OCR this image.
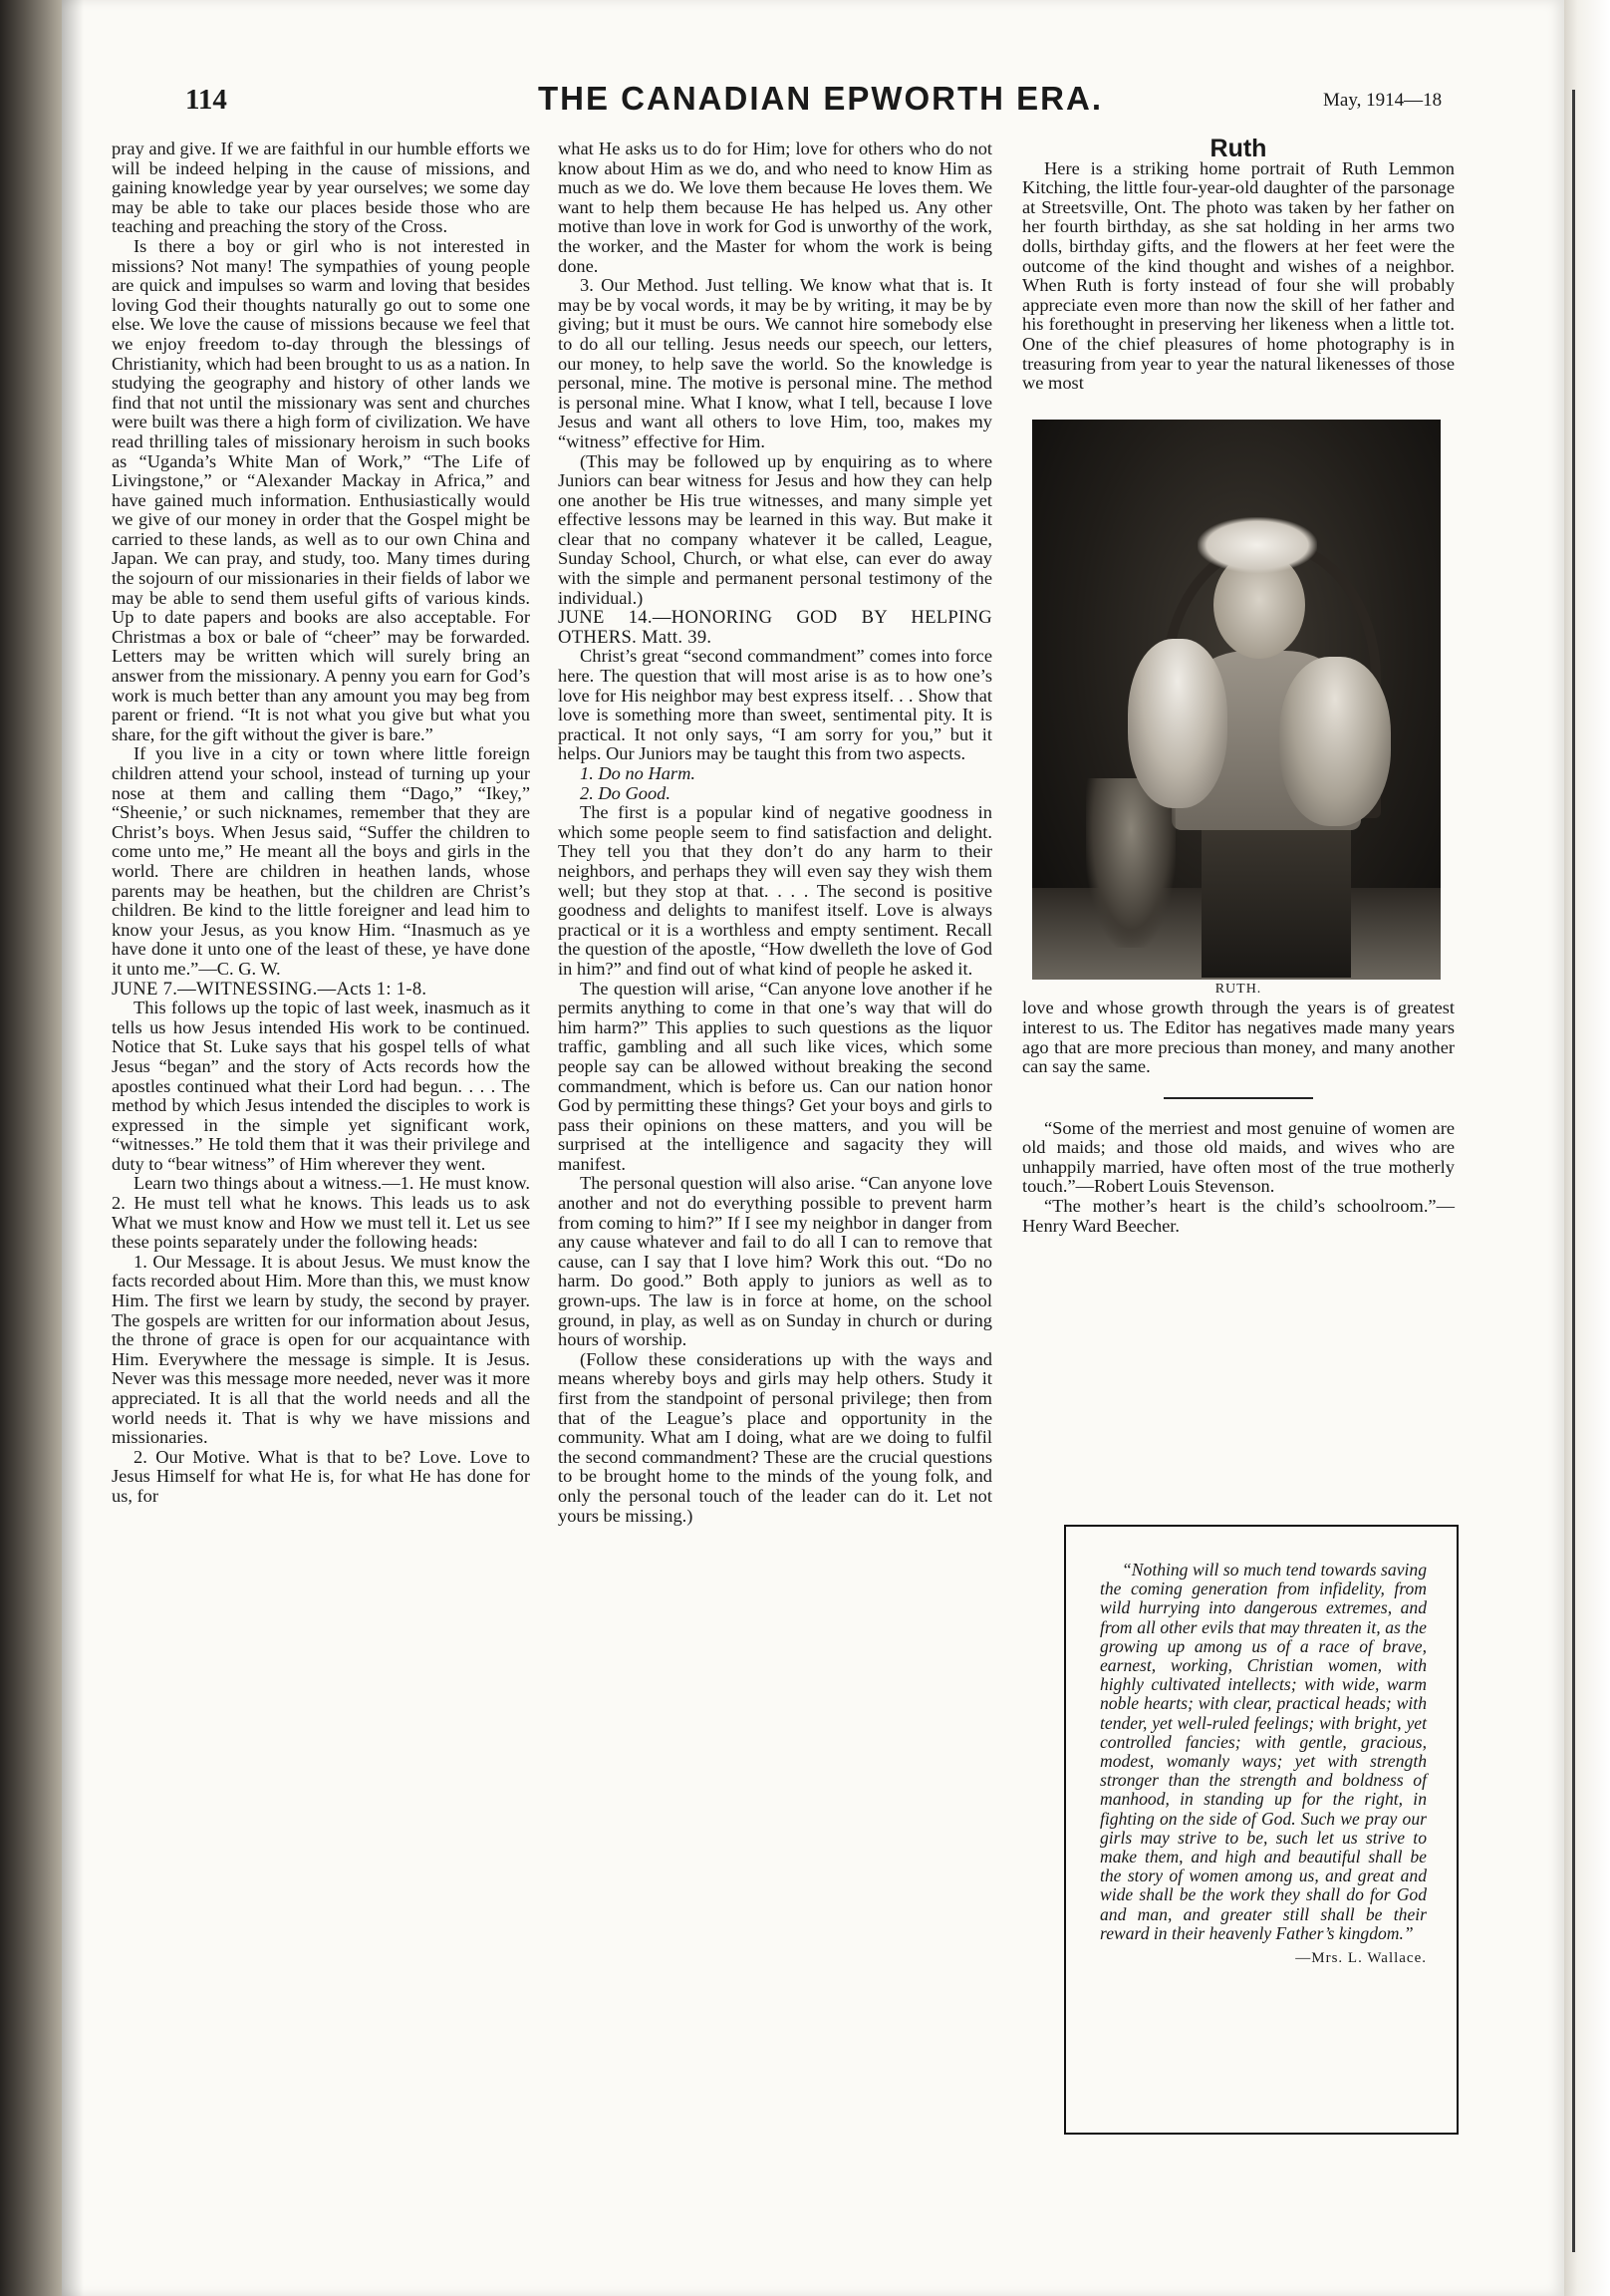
114	THE CANADIAN EPWORTH ERA.	May, 1914—18

pray and give. If we are faithful in our humble efforts we will be indeed helping in the cause of missions, and gaining knowledge year by year ourselves; we some day may be able to take our places beside those who are teaching and preaching the story of the Cross.

Is there a boy or girl who is not interested in missions? Not many! The sympathies of young people are quick and impulses so warm and loving that besides loving God their thoughts naturally go out to some one else. We love the cause of missions because we feel that we enjoy freedom to-day through the blessings of Christianity, which had been brought to us as a nation. In studying the geography and history of other lands we find that not until the missionary was sent and churches were built was there a high form of civilization. We have read thrilling tales of missionary heroism in such books as “Uganda’s White Man of Work,” “The Life of Livingstone,” or “Alexander Mackay in Africa,” and have gained much information. Enthusiastically would we give of our money in order that the Gospel might be carried to these lands, as well as to our own China and Japan. We can pray, and study, too. Many times during the sojourn of our missionaries in their fields of labor we may be able to send them useful gifts of various kinds. Up to date papers and books are also acceptable. For Christmas a box or bale of “cheer” may be forwarded. Letters may be written which will surely bring an answer from the missionary. A penny you earn for God’s work is much better than any amount you may beg from parent or friend. “It is not what you give but what you share, for the gift without the giver is bare.”

If you live in a city or town where little foreign children attend your school, instead of turning up your nose at them and calling them “Dago,” “Ikey,” “Sheenie,’ or such nicknames, remember that they are Christ’s boys. When Jesus said, “Suffer the children to come unto me,” He meant all the boys and girls in the world. There are children in heathen lands, whose parents may be heathen, but the children are Christ’s children. Be kind to the little foreigner and lead him to know your Jesus, as you know Him. “Inasmuch as ye have done it unto one of the least of these, ye have done it unto me.”—C. G. W.

JUNE 7.—WITNESSING.—Acts 1: 1-8.

This follows up the topic of last week, inasmuch as it tells us how Jesus intended His work to be continued. Notice that St. Luke says that his gospel tells of what Jesus “began” and the story of Acts records how the apostles continued what their Lord had begun. . . . The method by which Jesus intended the disciples to work is expressed in the simple yet significant work, “witnesses.” He told them that it was their privilege and duty to “bear witness” of Him wherever they went.

Learn two things about a witness.—1. He must know. 2. He must tell what he knows. This leads us to ask What we must know and How we must tell it. Let us see these points separately under the following heads:

1. Our Message. It is about Jesus. We must know the facts recorded about Him. More than this, we must know Him. The first we learn by study, the second by prayer. The gospels are written for our information about Jesus, the throne of grace is open for our acquaintance with Him. Everywhere the message is simple. It is Jesus. Never was this message more needed, never was it more appreciated. It is all that the world needs and all the world needs it. That is why we have missions and missionaries.

2. Our Motive. What is that to be? Love. Love to Jesus Himself for what He is, for what He has done for us, for

what He asks us to do for Him; love for others who do not know about Him as we do, and who need to know Him as much as we do. We love them because He loves them. We want to help them because He has helped us. Any other motive than love in work for God is unworthy of the work, the worker, and the Master for whom the work is being done.

3. Our Method. Just telling. We know what that is. It may be by vocal words, it may be by writing, it may be by giving; but it must be ours. We cannot hire somebody else to do all our telling. Jesus needs our speech, our letters, our money, to help save the world. So the knowledge is personal, mine. The motive is personal mine. The method is personal mine. What I know, what I tell, because I love Jesus and want all others to love Him, too, makes my “witness” effective for Him.

(This may be followed up by enquiring as to where Juniors can bear witness for Jesus and how they can help one another be His true witnesses, and many simple yet effective lessons may be learned in this way. But make it clear that no company whatever it be called, League, Sunday School, Church, or what else, can ever do away with the simple and permanent personal testimony of the individual.)

JUNE 14.—HONORING GOD BY HELPING OTHERS. Matt. 39.

Christ’s great “second commandment” comes into force here. The question that will most arise is as to how one’s love for His neighbor may best express itself. . . Show that love is something more than sweet, sentimental pity. It is practical. It not only says, “I am sorry for you,” but it helps. Our Juniors may be taught this from two aspects.

1. Do no Harm.

2. Do Good.

The first is a popular kind of negative goodness in which some people seem to find satisfaction and delight. They tell you that they don’t do any harm to their neighbors, and perhaps they will even say they wish them well; but they stop at that. . . . The second is positive goodness and delights to manifest itself. Love is always practical or it is a worthless and empty sentiment. Recall the question of the apostle, “How dwelleth the love of God in him?” and find out of what kind of people he asked it.

The question will arise, “Can anyone love another if he permits anything to come in that one’s way that will do him harm?” This applies to such questions as the liquor traffic, gambling and all such like vices, which some people say can be allowed without breaking the second commandment, which is before us. Can our nation honor God by permitting these things? Get your boys and girls to pass their opinions on these matters, and you will be surprised at the intelligence and sagacity they will manifest.

The personal question will also arise. “Can anyone love another and not do everything possible to prevent harm from coming to him?” If I see my neighbor in danger from any cause whatever and fail to do all I can to remove that cause, can I say that I love him? Work this out. “Do no harm. Do good.” Both apply to juniors as well as to grown-ups. The law is in force at home, on the school ground, in play, as well as on Sunday in church or during hours of worship.

(Follow these considerations up with the ways and means whereby boys and girls may help others. Study it first from the standpoint of personal privilege; then from that of the League’s place and opportunity in the community. What am I doing, what are we doing to fulfil the second commandment? These are the crucial questions to be brought home to the minds of the young folk, and only the personal touch of the leader can do it. Let not yours be missing.)

Ruth

Here is a striking home portrait of Ruth Lemmon Kitching, the little four-year-old daughter of the parsonage at Streetsville, Ont. The photo was taken by her father on her fourth birthday, as she sat holding in her arms two dolls, birthday gifts, and the flowers at her feet were the outcome of the kind thought and wishes of a neighbor. When Ruth is forty instead of four she will probably appreciate even more than now the skill of her father and his forethought in preserving her likeness when a little tot. One of the chief pleasures of home photography is in treasuring from year to year the natural likenesses of those we most

RUTH.

love and whose growth through the years is of greatest interest to us. The Editor has negatives made many years ago that are more precious than money, and many another can say the same.

“Some of the merriest and most genuine of women are old maids; and those old maids, and wives who are unhappily married, have often most of the true motherly touch.”—Robert Louis Stevenson.

“The mother’s heart is the child’s schoolroom.”—Henry Ward Beecher.

“Nothing will so much tend towards saving the coming generation from infidelity, from wild hurrying into dangerous extremes, and from all other evils that may threaten it, as the growing up among us of a race of brave, earnest, working, Christian women, with highly cultivated intellects; with wide, warm noble hearts; with clear, practical heads; with tender, yet well-ruled feelings; with bright, yet controlled fancies; with gentle, gracious, modest, womanly ways; yet with strength stronger than the strength and boldness of manhood, in standing up for the right, in fighting on the side of God. Such we pray our girls may strive to be, such let us strive to make them, and high and beautiful shall be the story of women among us, and great and wide shall be the work they shall do for God and man, and greater still shall be their reward in their heavenly Father’s kingdom.”

—Mrs. L. Wallace.
